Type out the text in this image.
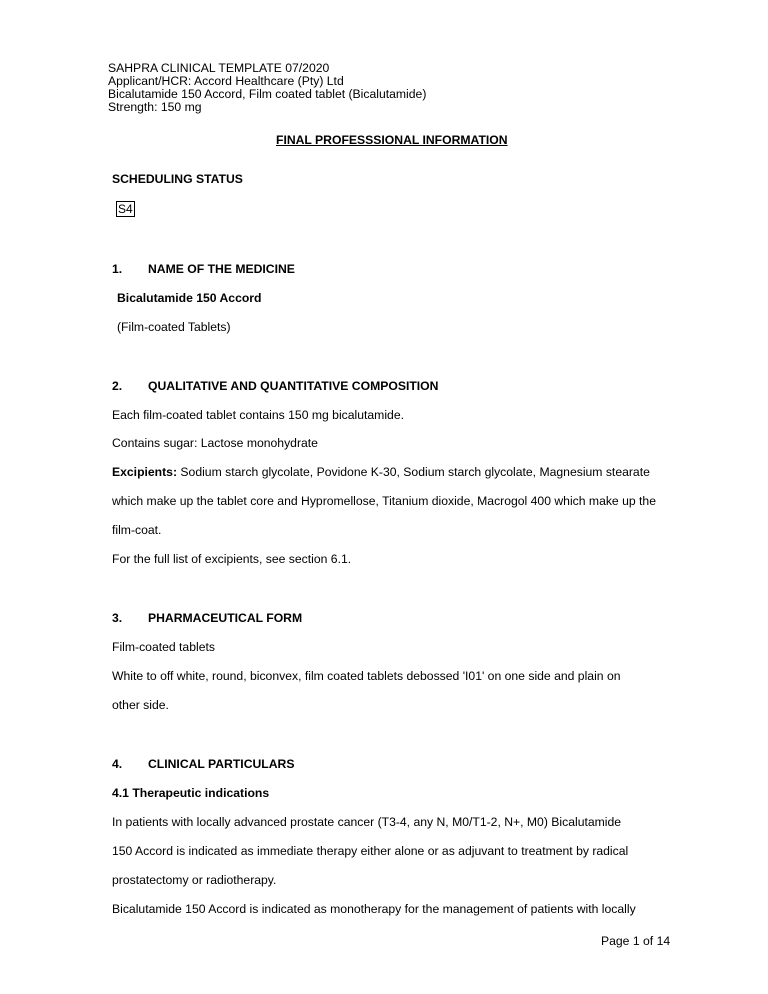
SAHPRA CLINICAL TEMPLATE 07/2020
Applicant/HCR: Accord Healthcare (Pty) Ltd
Bicalutamide 150 Accord, Film coated tablet (Bicalutamide)
Strength: 150 mg
FINAL PROFESSSIONAL INFORMATION
SCHEDULING STATUS
S4
1. NAME OF THE MEDICINE
Bicalutamide 150 Accord
(Film-coated Tablets)
2. QUALITATIVE AND QUANTITATIVE COMPOSITION
Each film-coated tablet contains 150 mg bicalutamide.
Contains sugar: Lactose monohydrate
Excipients: Sodium starch glycolate, Povidone K-30, Sodium starch glycolate, Magnesium stearate
which make up the tablet core and Hypromellose, Titanium dioxide, Macrogol 400 which make up the
film-coat.
For the full list of excipients, see section 6.1.
3. PHARMACEUTICAL FORM
Film-coated tablets
White to off white, round, biconvex, film coated tablets debossed 'I01' on one side and plain on
other side.
4. CLINICAL PARTICULARS
4.1 Therapeutic indications
In patients with locally advanced prostate cancer (T3-4, any N, M0/T1-2, N+, M0) Bicalutamide
150 Accord is indicated as immediate therapy either alone or as adjuvant to treatment by radical
prostatectomy or radiotherapy.
Bicalutamide 150 Accord is indicated as monotherapy for the management of patients with locally
Page 1 of 14
